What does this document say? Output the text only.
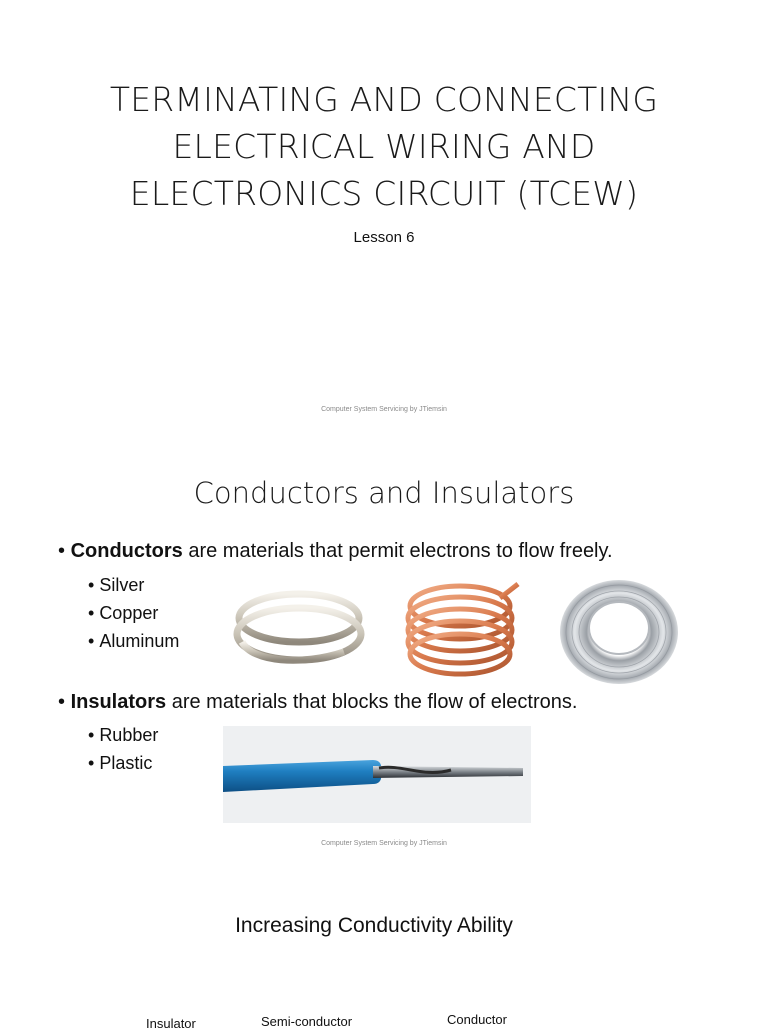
TERMINATING AND CONNECTING ELECTRICAL WIRING AND ELECTRONICS CIRCUIT (TCEW)
Lesson 6
Computer System Servicing by JTiemsin
Conductors and Insulators
• Conductors are materials that permit electrons to flow freely.
• Silver
• Copper
• Aluminum
• Insulators are materials that blocks the flow of electrons.
• Rubber
• Plastic
Computer System Servicing by JTiemsin
Increasing Conductivity Ability
Insulator	Semi-conductor	Conductor
